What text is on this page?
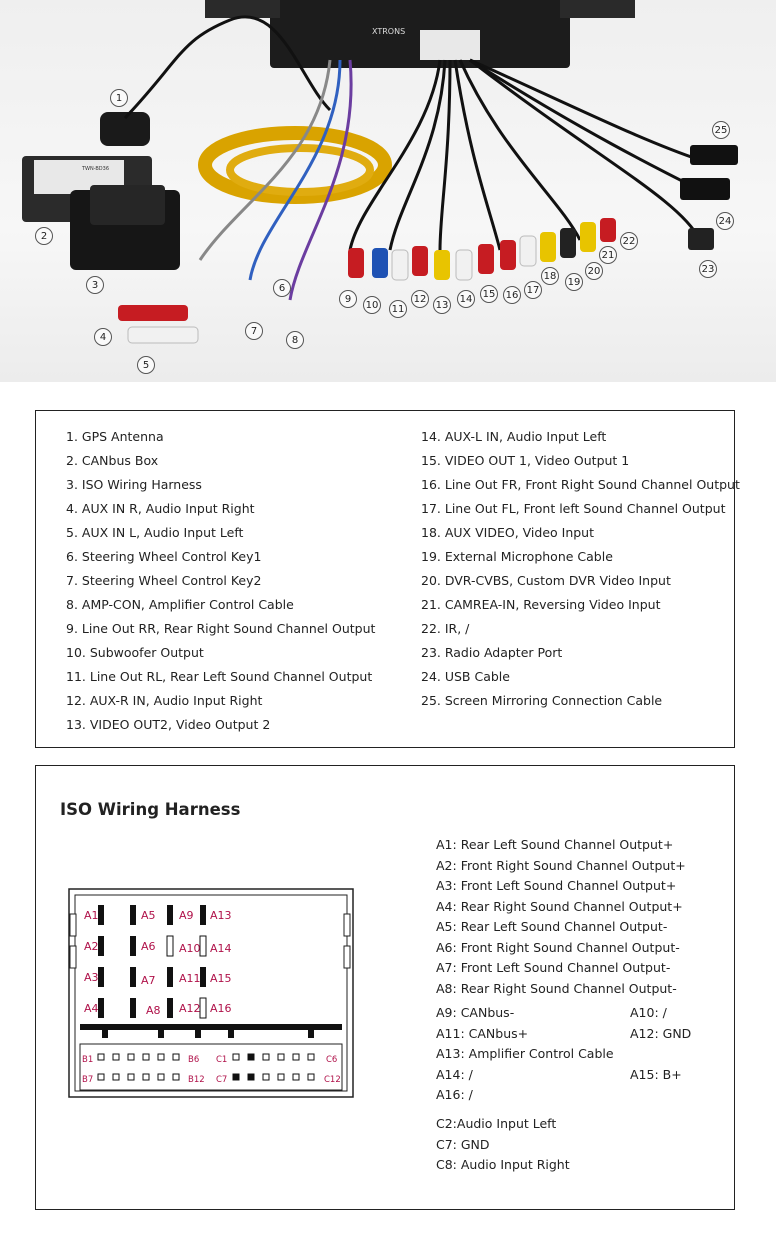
XTRONS
TWN-BD36
1
2
3
4
5
6
7
8
9
10 11
12
13
14 15 16 17
18
19
20
21
22
23
24
25
1. GPS Antenna
2. CANbus Box
3. ISO Wiring Harness
4. AUX IN R, Audio Input Right
5. AUX IN L, Audio Input Left
6. Steering Wheel Control Key1
7. Steering Wheel Control Key2
8. AMP-CON, Amplifier Control Cable
9. Line Out RR, Rear Right Sound Channel Output
10. Subwoofer Output
11. Line Out RL, Rear Left Sound Channel Output
12. AUX-R IN, Audio Input Right
13. VIDEO OUT2, Video Output 2
14. AUX-L IN, Audio Input Left
15. VIDEO OUT 1, Video Output 1
16. Line Out FR, Front Right Sound Channel Output
17. Line Out FL, Front left Sound Channel Output
18. AUX VIDEO, Video Input
19. External Microphone Cable
20. DVR-CVBS, Custom DVR Video Input
21. CAMREA-IN, Reversing Video Input
22. IR, /
23. Radio Adapter Port
24. USB Cable
25. Screen Mirroring Connection Cable
ISO Wiring Harness
A1
A2
A3
A4
A5
A6
A7
A8
A9
A10
A11
A12
A13
A14
A15
A16
B1	B6
B7	B12
C1	C6
C7	C12
A1: Rear Left Sound Channel Output+
A2: Front Right Sound Channel Output+
A3: Front Left Sound Channel Output+
A4: Rear Right Sound Channel Output+
A5: Rear Left Sound Channel Output-
A6: Front Right Sound Channel Output-
A7: Front Left Sound Channel Output-
A8: Rear Right Sound Channel Output-
A9: CANbus-
A11: CANbus+
A13: Amplifier Control Cable
A14: /
A16: /
A10: /
A12: GND
A15: B+
C2:Audio Input Left
C7: GND
C8: Audio Input Right
